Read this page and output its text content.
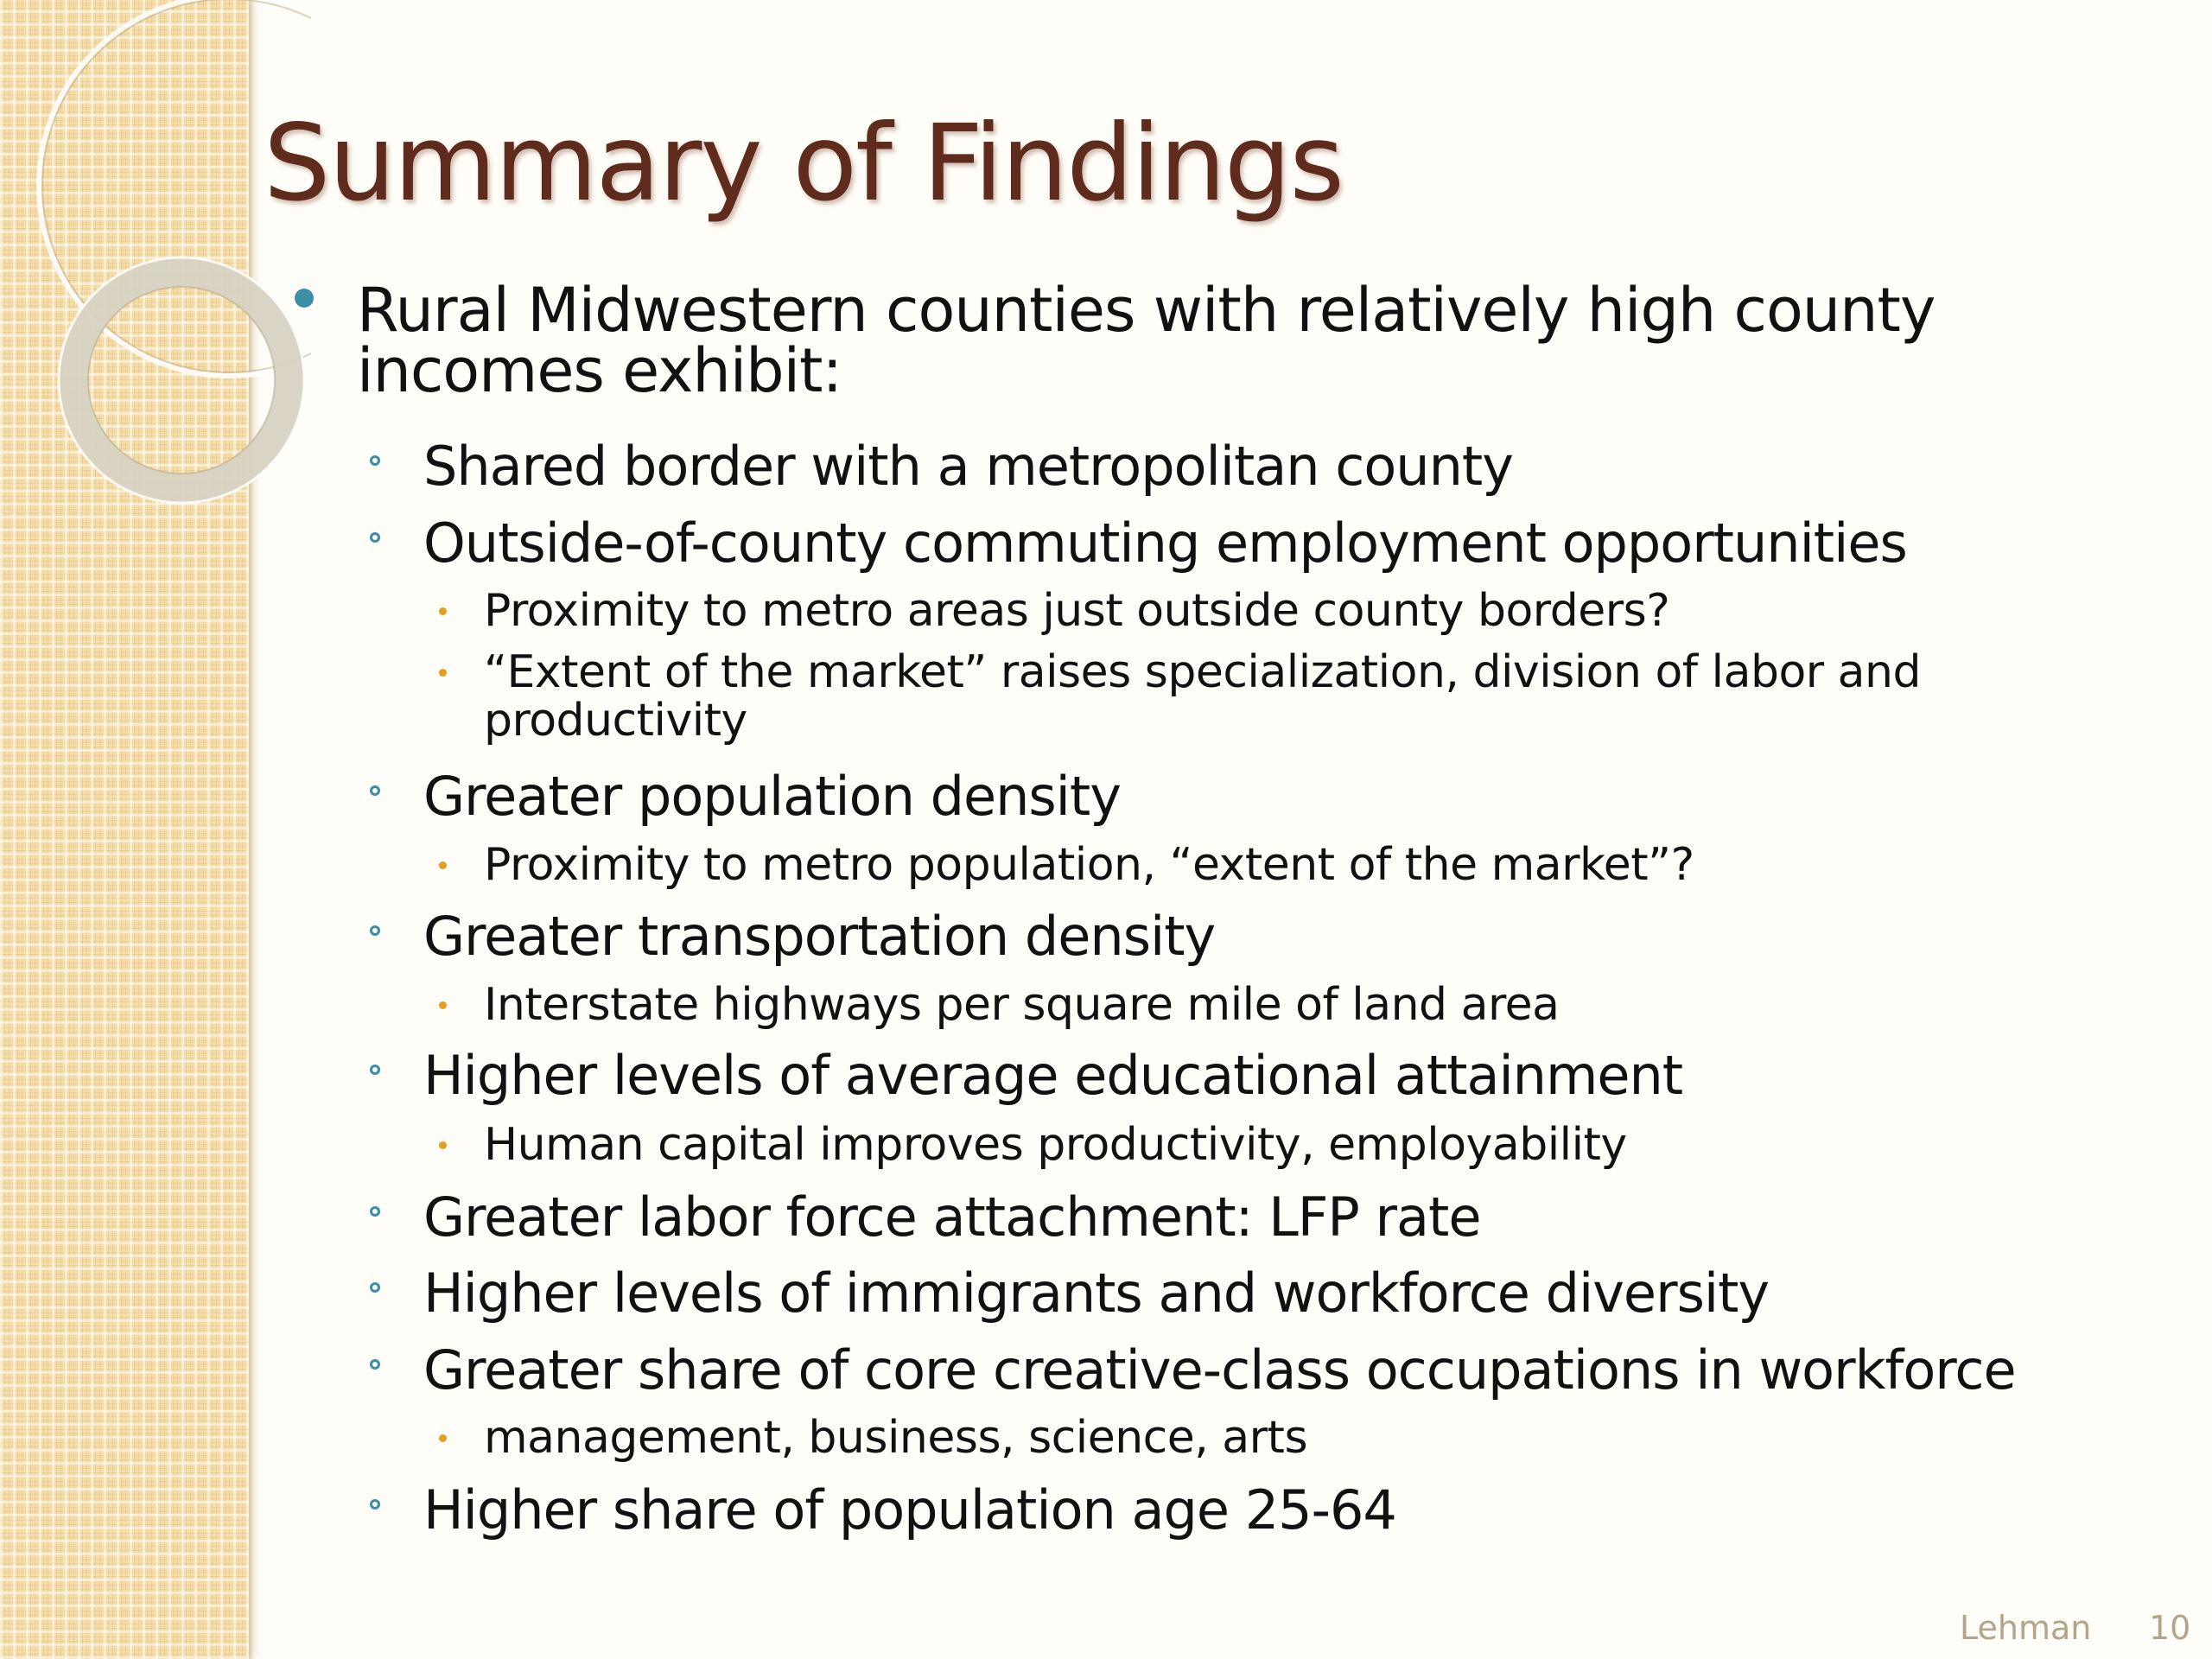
Summary of Findings
Rural Midwestern counties with relatively high county
incomes exhibit:
Shared border with a metropolitan county
Outside-of-county commuting employment opportunities
Proximity to metro areas just outside county borders?
“Extent of the market” raises specialization, division of labor and
productivity
Greater population density
Proximity to metro population, “extent of the market”?
Greater transportation density
Interstate highways per square mile of land area
Higher levels of average educational attainment
Human capital improves productivity, employability
Greater labor force attachment: LFP rate
Higher levels of immigrants and workforce diversity
Greater share of core creative-class occupations in workforce
management, business, science, arts
Higher share of population age 25-64
Lehman 10
